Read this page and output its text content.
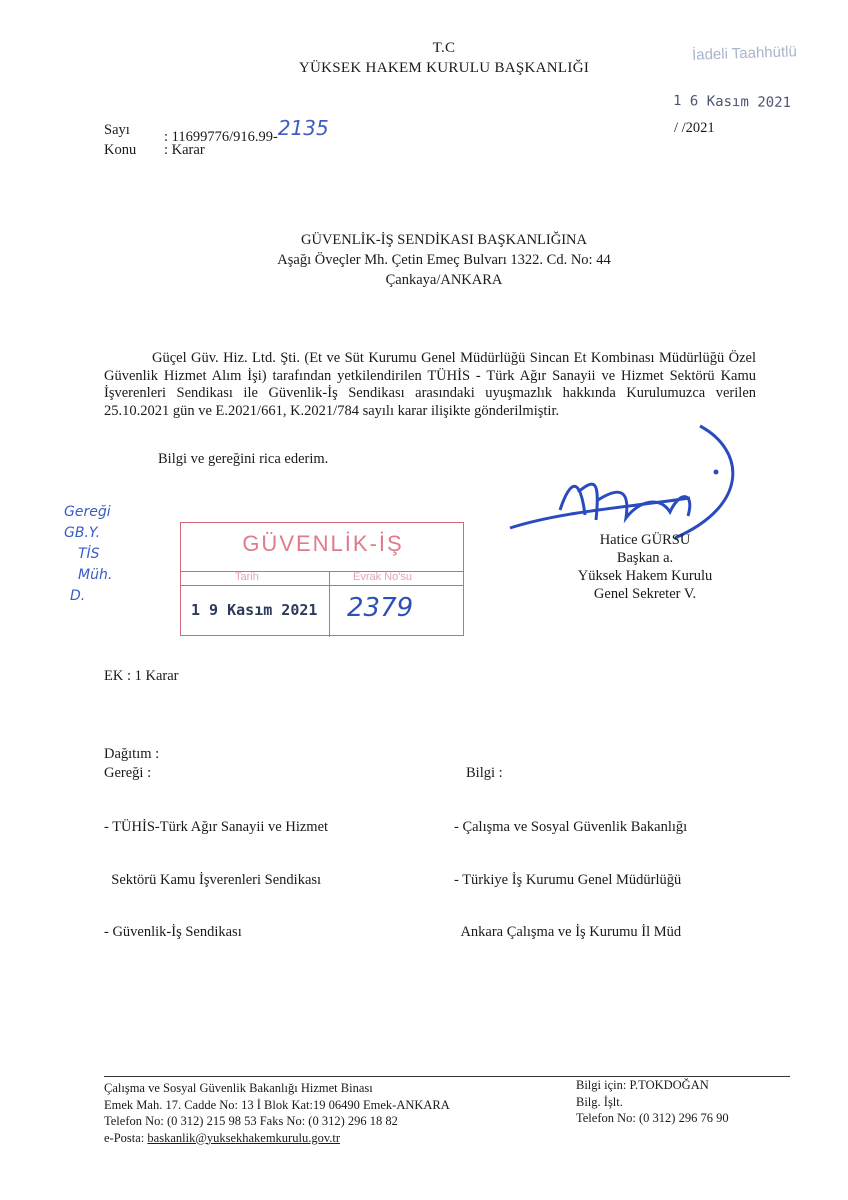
T.C
YÜKSEK HAKEM KURULU BAŞKANLIĞI
İadeli Taahhütlü
1 6 Kasım 2021
/ /2021
Sayı	: 11699776/916.99-2135
Konu	: Karar
GÜVENLİK-İŞ SENDİKASI BAŞKANLIĞINA
Aşağı Öveçler Mh. Çetin Emeç Bulvarı 1322. Cd. No: 44
Çankaya/ANKARA

Güçel Güv. Hiz. Ltd. Şti. (Et ve Süt Kurumu Genel Müdürlüğü Sincan Et Kombinası Müdürlüğü Özel Güvenlik Hizmet Alım İşi) tarafından yetkilendirilen TÜHİS - Türk Ağır Sanayii ve Hizmet Sektörü Kamu İşverenleri Sendikası ile Güvenlik-İş Sendikası arasındaki uyuşmazlık hakkında Kurulumuzca verilen 25.10.2021 gün ve E.2021/661, K.2021/784 sayılı karar ilişikte gönderilmiştir.

Bilgi ve gereğini rica ederim.
Hatice GÜRSU
Başkan a.
Yüksek Hakem Kurulu
Genel Sekreter V.
Gereği
GB.Y.
TİS
Müh.
D.
GÜVENLİK-İŞ
Tarih	Evrak No'su
1 9 Kasım 2021 2379
EK : 1 Karar
Dağıtım :
Gereği :

- TÜHİS-Türk Ağır Sanayii ve Hizmet

Sektörü Kamu İşverenleri Sendikası

- Güvenlik-İş Sendikası

Bilgi :

- Çalışma ve Sosyal Güvenlik Bakanlığı

- Türkiye İş Kurumu Genel Müdürlüğü

Ankara Çalışma ve İş Kurumu İl Müd

Çalışma ve Sosyal Güvenlik Bakanlığı Hizmet Binası
Emek Mah. 17. Cadde No: 13 İ Blok Kat:19 06490 Emek-ANKARA
Telefon No: (0 312) 215 98 53 Faks No: (0 312) 296 18 82
e-Posta: baskanlik@yuksekhakemkurulu.gov.tr
Bilgi için: P.TOKDOĞAN
Bilg. İşlt.
Telefon No: (0 312) 296 76 90
